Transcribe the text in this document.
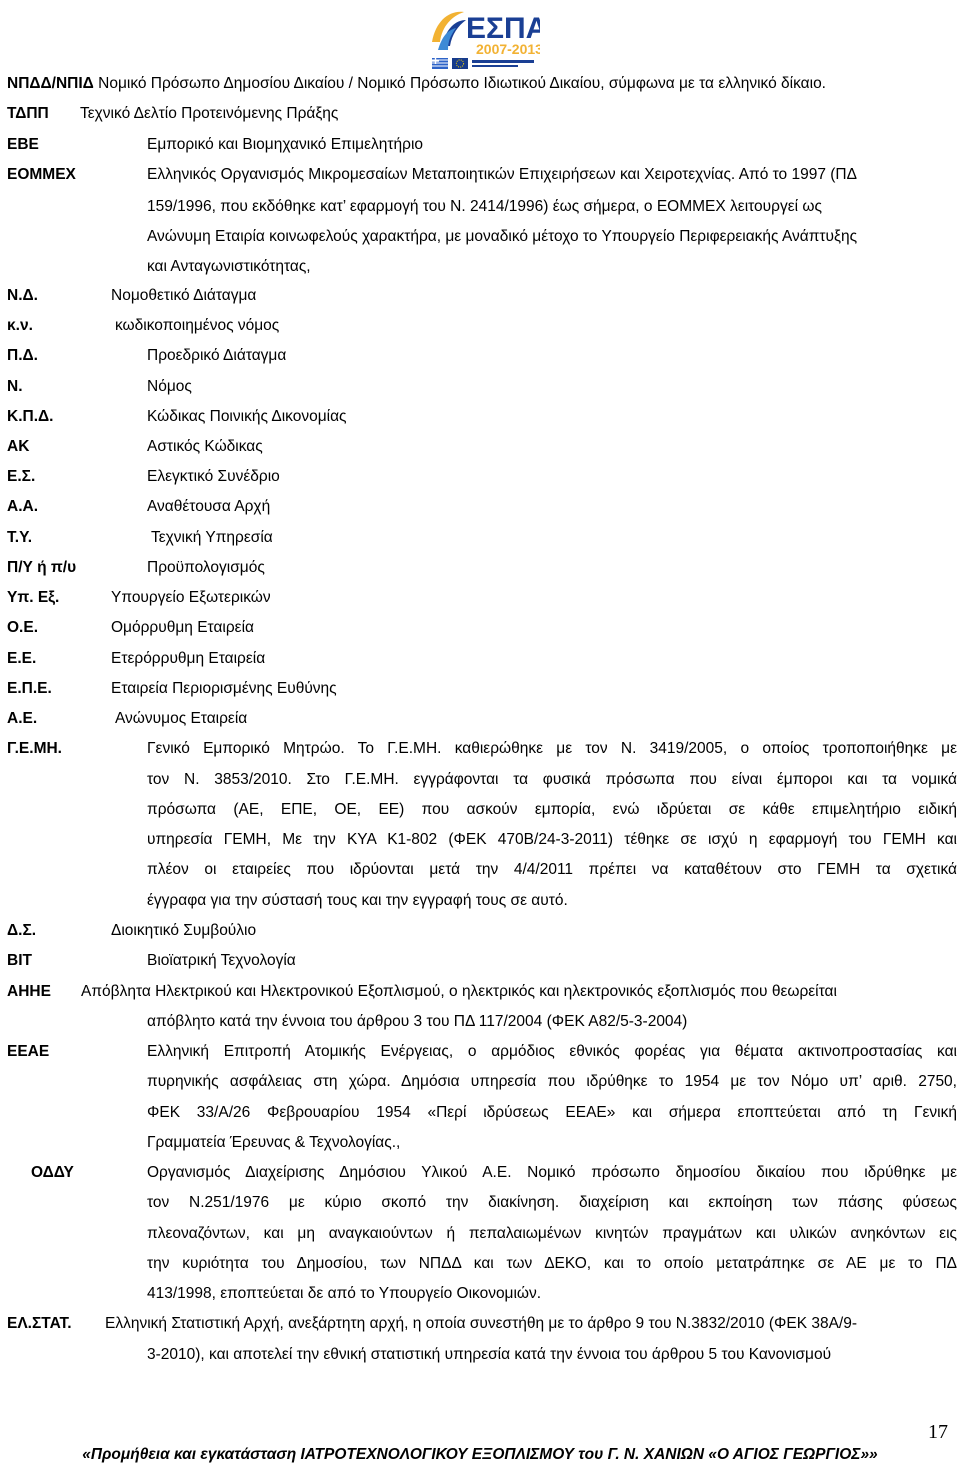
ΕΣΠΑ
2007-2013
ΝΠΔΔ/ΝΠΙΔ Νομικό Πρόσωπο Δημοσίου Δικαίου / Νομικό Πρόσωπο Ιδιωτικού Δικαίου, σύμφωνα με τα ελληνικό δίκαιο.
ΤΔΠΠ Τεχνικό Δελτίο Προτεινόμενης Πράξης
ΕΒΕ	Εμπορικό και Βιομηχανικό Επιμελητήριο
ΕΟΜΜΕΧ	Ελληνικός Οργανισμός Μικρομεσαίων Μεταποιητικών Επιχειρήσεων και Χειροτεχνίας. Από το 1997 (ΠΔ
159/1996, που εκδόθηκε κατ’ εφαρμογή του Ν. 2414/1996) έως σήμερα, ο ΕΟΜΜΕΧ λειτουργεί ως
Ανώνυμη Εταιρία κοινωφελούς χαρακτήρα, με μοναδικό μέτοχο το Υπουργείο Περιφερειακής Ανάπτυξης
και Ανταγωνιστικότητας,
Ν.Δ.	Νομοθετικό Διάταγμα
κ.ν.	κωδικοποιημένος νόμος
Π.Δ.	Προεδρικό Διάταγμα
Ν.	Νόμος
Κ.Π.Δ.	Κώδικας Ποινικής Δικονομίας
ΑΚ	Αστικός Κώδικας
Ε.Σ.	Ελεγκτικό Συνέδριο
Α.Α.	Αναθέτουσα Αρχή
Τ.Υ.	Τεχνική Υπηρεσία
Π/Υ ή π/υ	Προϋπολογισμός
Υπ. Εξ.	Υπουργείο Εξωτερικών
Ο.Ε.	Ομόρρυθμη Εταιρεία
Ε.Ε.	Ετερόρρυθμη Εταιρεία
Ε.Π.Ε.	Εταιρεία Περιορισμένης Ευθύνης
Α.Ε.	Ανώνυμος Εταιρεία
Γ.Ε.ΜΗ.	Γενικό Εμπορικό Μητρώο. Το Γ.Ε.ΜΗ. καθιερώθηκε με τον Ν. 3419/2005, ο οποίος τροποποιήθηκε με
τον Ν. 3853/2010. Στο Γ.Ε.ΜΗ. εγγράφονται τα φυσικά πρόσωπα που είναι έμποροι και τα νομικά
πρόσωπα (ΑΕ, ΕΠΕ, ΟΕ, ΕΕ) που ασκούν εμπορία, ενώ ιδρύεται σε κάθε επιμελητήριο ειδική
υπηρεσία ΓΕΜΗ, Με την ΚΥΑ Κ1-802 (ΦΕΚ 470Β/24-3-2011) τέθηκε σε ισχύ η εφαρμογή του ΓΕΜΗ και
πλέον οι εταιρείες που ιδρύονται μετά την 4/4/2011 πρέπει να καταθέτουν στο ΓΕΜΗ τα σχετικά
έγγραφα για την σύστασή τους και την εγγραφή τους σε αυτό.
Δ.Σ.	Διοικητικό Συμβούλιο
ΒΙΤ	Βιοϊατρική Τεχνολογία
ΑΗΗΕ Απόβλητα Ηλεκτρικού και Ηλεκτρονικού Εξοπλισμού, ο ηλεκτρικός και ηλεκτρονικός εξοπλισμός που θεωρείται
απόβλητο κατά την έννοια του άρθρου 3 του ΠΔ 117/2004 (ΦΕΚ Α82/5-3-2004)
ΕΕΑΕ	Ελληνική Επιτροπή Ατομικής Ενέργειας, ο αρμόδιος εθνικός φορέας για θέματα ακτινοπροστασίας και
πυρηνικής ασφάλειας στη χώρα. Δημόσια υπηρεσία που ιδρύθηκε το 1954 με τον Νόμο υπ’ αριθ. 2750,
ΦΕΚ 33/Α/26 Φεβρουαρίου 1954 «Περί ιδρύσεως ΕΕΑΕ» και σήμερα εποπτεύεται από τη Γενική
Γραμματεία Έρευνας & Τεχνολογίας.,
ΟΔΔΥ	Οργανισμός Διαχείρισης Δημόσιου Υλικού Α.Ε. Νομικό πρόσωπο δημοσίου δικαίου που ιδρύθηκε με
τον Ν.251/1976 με κύριο σκοπό την διακίνηση. διαχείριση και εκποίηση των πάσης φύσεως
πλεοναζόντων, και μη αναγκαιούντων ή πεπαλαιωμένων κινητών πραγμάτων και υλικών ανηκόντων εις
την κυριότητα του Δημοσίου, των ΝΠΔΔ και των ΔΕΚΟ, και το οποίο μετατράπηκε σε ΑΕ με το ΠΔ
413/1998, εποπτεύεται δε από το Υπουργείο Οικονομιών.
ΕΛ.ΣΤΑΤ. Ελληνική Στατιστική Αρχή, ανεξάρτητη αρχή, η οποία συνεστήθη με το άρθρο 9 του Ν.3832/2010 (ΦΕΚ 38Α/9-
3-2010), και αποτελεί την εθνική στατιστική υπηρεσία κατά την έννοια του άρθρου 5 του Κανονισμού
17
«Προμήθεια και εγκατάσταση ΙΑΤΡΟΤΕΧΝΟΛΟΓΙΚΟΥ ΕΞΟΠΛΙΣΜΟΥ του Γ. Ν. ΧΑΝΙΩΝ «Ο ΑΓΙΟΣ ΓΕΩΡΓΙΟΣ»»
